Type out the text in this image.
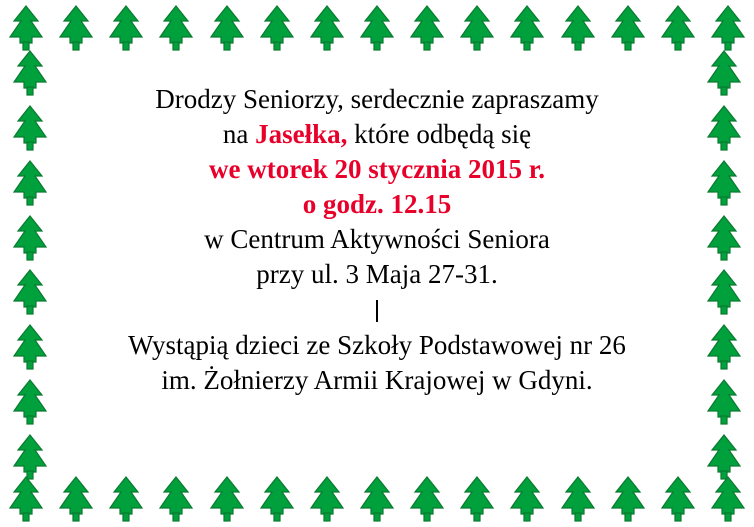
Drodzy Seniorzy, serdecznie zapraszamy
na Jasełka, które odbędą się
we wtorek 20 stycznia 2015 r.
o godz. 12.15
w Centrum Aktywności Seniora
przy ul. 3 Maja 27-31.
Wystąpią dzieci ze Szkoły Podstawowej nr 26
im. Żołnierzy Armii Krajowej w Gdyni.
